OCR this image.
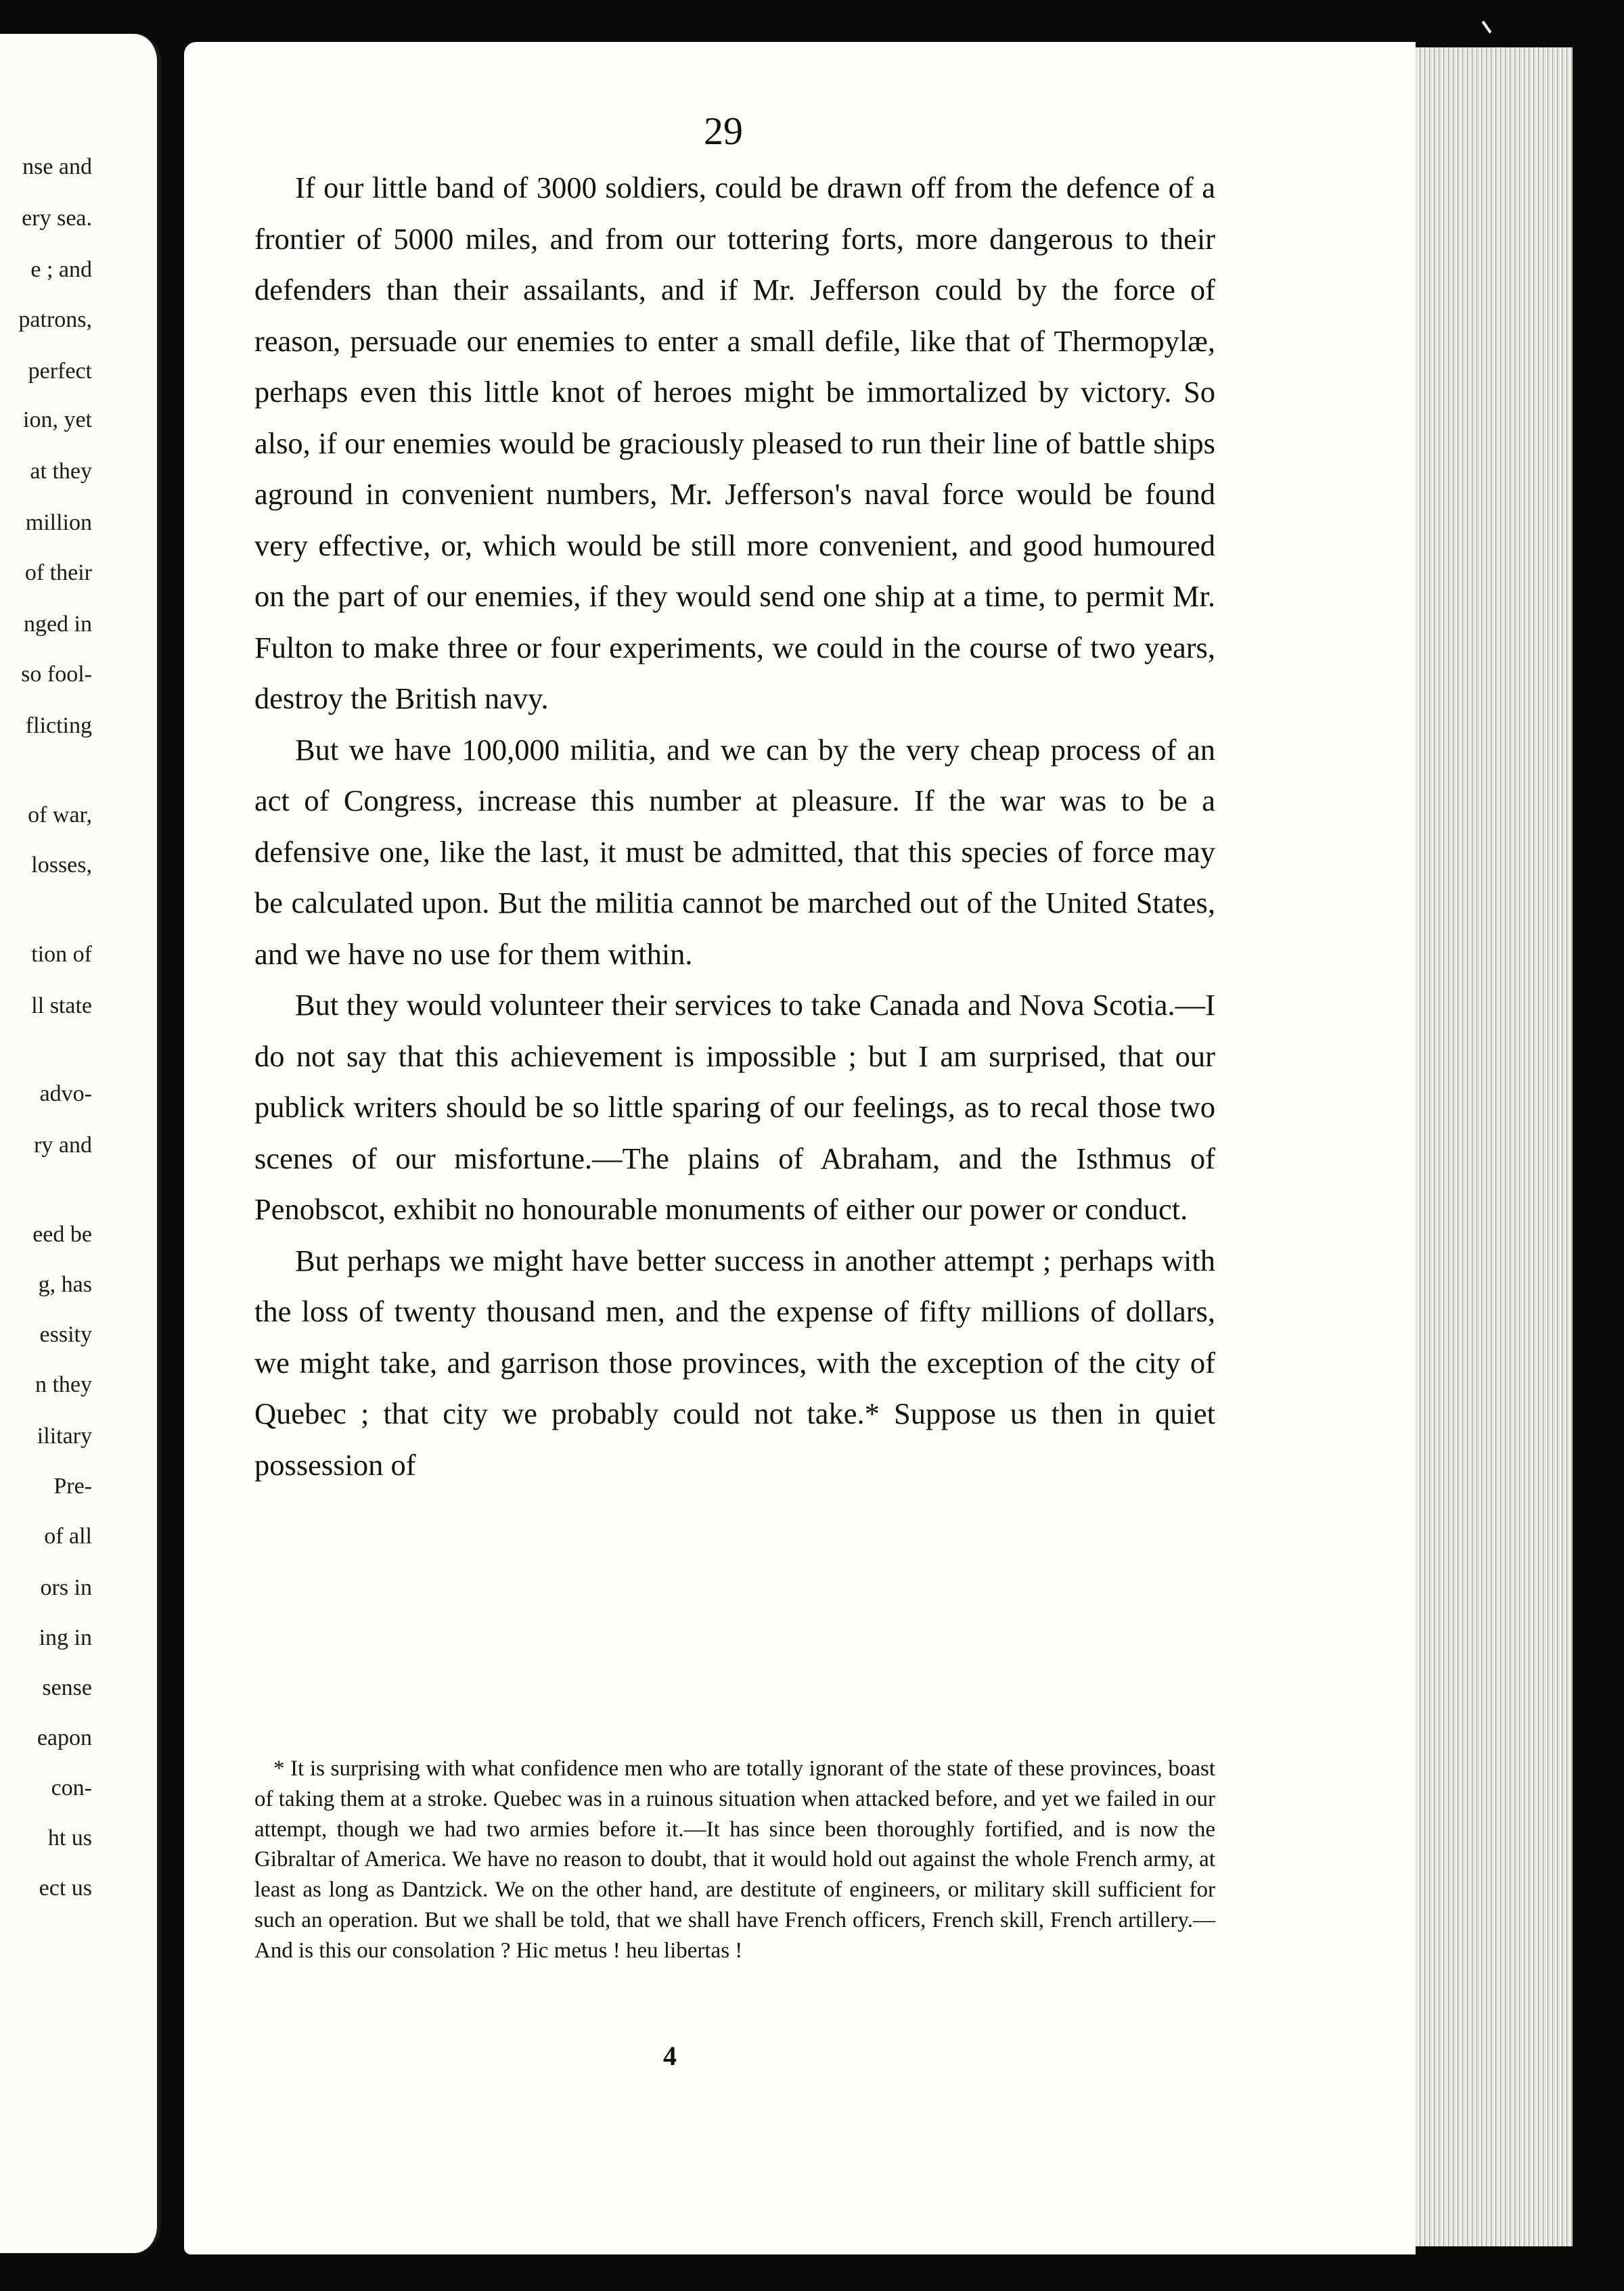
nse and
ery sea.
e ; and
patrons,
perfect
ion, yet
at they
million
of their
nged in
so fool-
flicting
of war,
losses,
tion of
ll state
advo-
ry and
eed be
g, has
essity
n they
ilitary
Pre-
of all
ors in
ing in
sense
eapon
con-
ht us
ect us
29

If our little band of 3000 soldiers, could be drawn off from the defence of a frontier of 5000 miles, and from our tottering forts, more dangerous to their defenders than their assailants, and if Mr. Jefferson could by the force of reason, persuade our enemies to enter a small defile, like that of Thermopylæ, perhaps even this little knot of heroes might be immortalized by victory. So also, if our enemies would be graciously pleased to run their line of battle ships aground in convenient numbers, Mr. Jefferson's naval force would be found very effective, or, which would be still more convenient, and good humoured on the part of our enemies, if they would send one ship at a time, to permit Mr. Fulton to make three or four experiments, we could in the course of two years, destroy the British navy.

But we have 100,000 militia, and we can by the very cheap process of an act of Congress, increase this number at pleasure. If the war was to be a defensive one, like the last, it must be admitted, that this species of force may be calculated upon. But the militia cannot be marched out of the United States, and we have no use for them within.

But they would volunteer their services to take Canada and Nova Scotia.—I do not say that this achievement is impossible ; but I am surprised, that our publick writers should be so little sparing of our feelings, as to recal those two scenes of our misfortune.—The plains of Abraham, and the Isthmus of Penobscot, exhibit no honourable monuments of either our power or conduct.

But perhaps we might have better success in another attempt ; perhaps with the loss of twenty thousand men, and the expense of fifty millions of dollars, we might take, and garrison those provinces, with the exception of the city of Quebec ; that city we probably could not take.* Suppose us then in quiet possession of

* It is surprising with what confidence men who are totally ignorant of the state of these provinces, boast of taking them at a stroke. Quebec was in a ruinous situation when attacked before, and yet we failed in our attempt, though we had two armies before it.—It has since been thoroughly fortified, and is now the Gibraltar of America. We have no reason to doubt, that it would hold out against the whole French army, at least as long as Dantzick. We on the other hand, are destitute of engineers, or military skill sufficient for such an operation. But we shall be told, that we shall have French officers, French skill, French artillery.—And is this our consolation ? Hic metus ! heu libertas !

4
